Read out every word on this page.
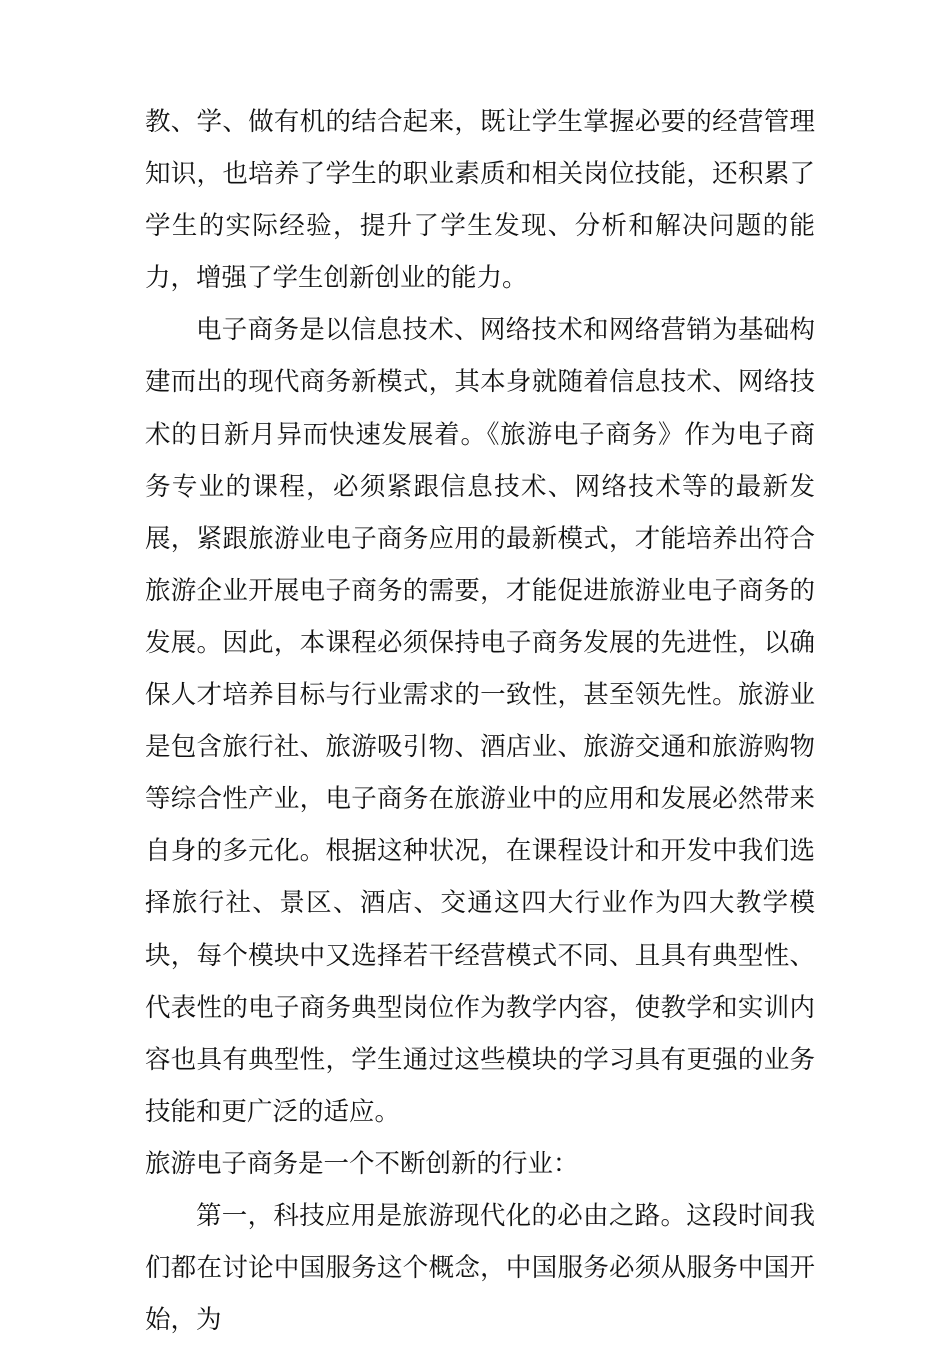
教、学、做有机的结合起来，既让学生掌握必要的经营管理知识，也培养了学生的职业素质和相关岗位技能，还积累了学生的实际经验，提升了学生发现、分析和解决问题的能力，增强了学生创新创业的能力。

电子商务是以信息技术、网络技术和网络营销为基础构建而出的现代商务新模式，其本身就随着信息技术、网络技术的日新月异而快速发展着。《旅游电子商务》作为电子商务专业的课程，必须紧跟信息技术、网络技术等的最新发展，紧跟旅游业电子商务应用的最新模式，才能培养出符合旅游企业开展电子商务的需要，才能促进旅游业电子商务的发展。因此，本课程必须保持电子商务发展的先进性，以确保人才培养目标与行业需求的一致性，甚至领先性。旅游业是包含旅行社、旅游吸引物、酒店业、旅游交通和旅游购物等综合性产业，电子商务在旅游业中的应用和发展必然带来自身的多元化。根据这种状况，在课程设计和开发中我们选择旅行社、景区、酒店、交通这四大行业作为四大教学模块，每个模块中又选择若干经营模式不同、且具有典型性、代表性的电子商务典型岗位作为教学内容，使教学和实训内容也具有典型性，学生通过这些模块的学习具有更强的业务技能和更广泛的适应。

旅游电子商务是一个不断创新的行业：

第一，科技应用是旅游现代化的必由之路。这段时间我们都在讨论中国服务这个概念，中国服务必须从服务中国开始，为
